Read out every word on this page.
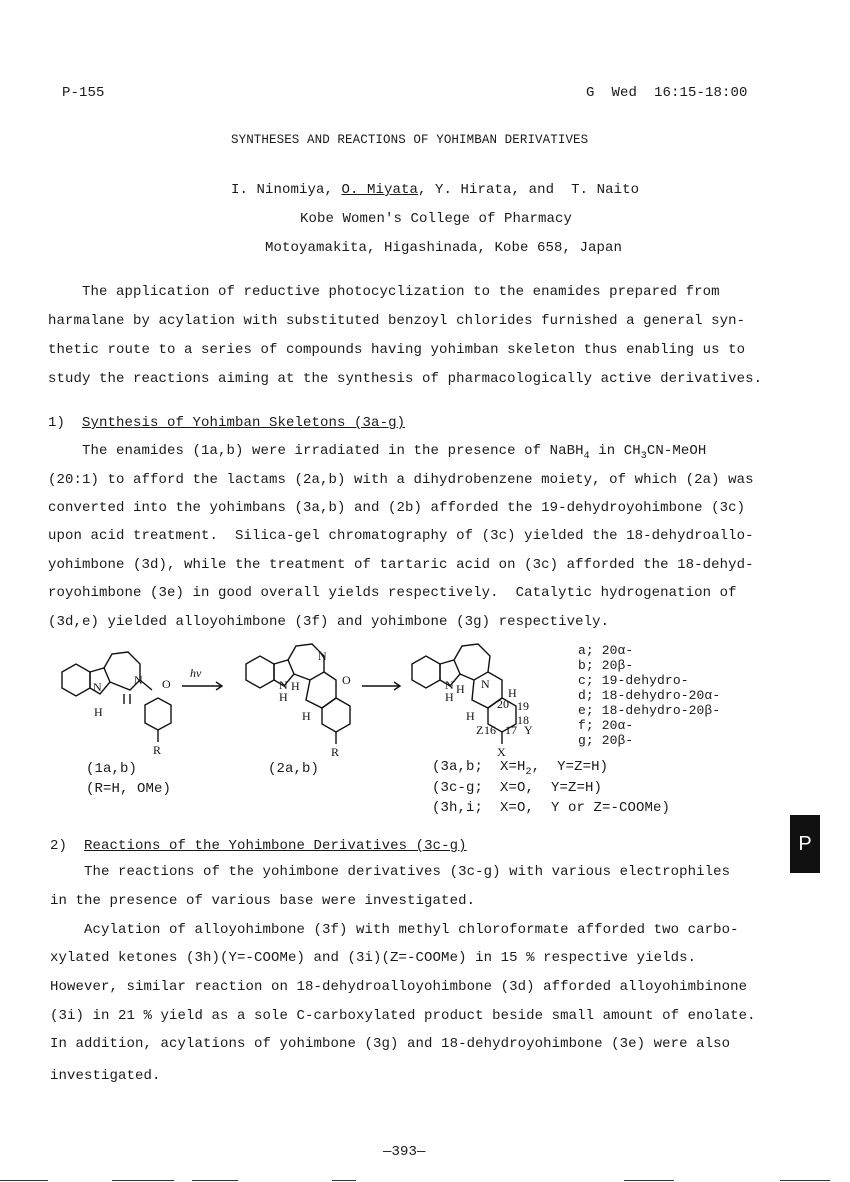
P-155	G  Wed  16:15-18:00
SYNTHESES AND REACTIONS OF YOHIMBAN DERIVATIVES
I. Ninomiya, O. Miyata, Y. Hirata, and  T. Naito
Kobe Women's College of Pharmacy
Motoyamakita, Higashinada, Kobe 658, Japan
The application of reductive photocyclization to the enamides prepared from
harmalane by acylation with substituted benzoyl chlorides furnished a general syn-
thetic route to a series of compounds having yohimban skeleton thus enabling us to
study the reactions aiming at the synthesis of pharmacologically active derivatives.
1)  Synthesis of Yohimban Skeletons (3a-g)
The enamides (1a,b) were irradiated in the presence of NaBH$_4$ in $CH_3CN$-MeOH
(20:1) to afford the lactams (2a,b) with a dihydrobenzene moiety, of which (2a) was
converted into the yohimbans (3a,b) and (2b) afforded the 19-dehydroyohimbone (3c)
upon acid treatment.  Silica-gel chromatography of (3c) yielded the 18-dehydroallo-
yohimbone (3d), while the treatment of tartaric acid on (3c) afforded the 18-dehyd-
royohimbone (3e) in good overall yields respectively.  Catalytic hydrogenation of
(3d,e) yielded alloyohimbone (3f) and yohimbone (3g) respectively.
N	N O
H
R
hν
N
H
N
O
H
H
R
N
H
N
H	H
H
Z	Y
X
16 17
18
19
20
a; 20α-
b; 20β-
c; 19-dehydro-
d; 18-dehydro-20α-
e; 18-dehydro-20β-
f; 20α-
g; 20β-
(1a,b)
(R=H, OMe)
(2a,b)	(3a,b;  $X=H_2$,  Y=Z=H)
(3c-g;  X=O,  Y=Z=H)
(3h,i;  X=O,  Y or Z=-COOMe)
2)  Reactions of the Yohimbone Derivatives (3c-g)
The reactions of the yohimbone derivatives (3c-g) with various electrophiles
in the presence of various base were investigated.
Acylation of alloyohimbone (3f) with methyl chloroformate afforded two carbo-
xylated ketones (3h)(Y=-COOMe) and (3i)(Z=-COOMe) in 15 % respective yields.
However, similar reaction on 18-dehydroalloyohimbone (3d) afforded alloyohimbinone
(3i) in 21 % yield as a sole C-carboxylated product beside small amount of enolate.
In addition, acylations of yohimbone (3g) and 18-dehydroyohimbone (3e) were also
investigated.
P
—393—
